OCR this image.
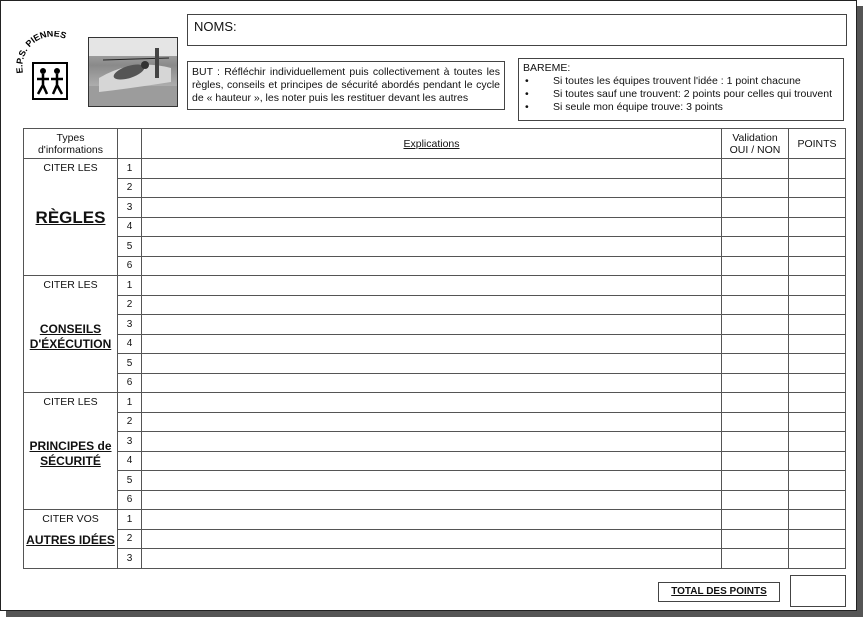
E.P.S. PIENNES
NOMS:
BUT : Réfléchir individuellement puis collectivement à toutes les règles, conseils et principes de sécurité abordés pendant le cycle de « hauteur », les noter puis les restituer devant les autres
BAREME:
• Si toutes les équipes trouvent l'idée : 1 point chacune
• Si toutes sauf une trouvent: 2 points pour celles qui trouvent
• Si seule mon équipe trouve: 3 points
Types d'informations		Explications	Validation OUI / NON	POINTS

CITER LES
RÈGLES	1			
	2			
	3			
	4			
	5			
	6			

CITER LES
CONSEILS D'ÉXÉCUTION	1			
	2			
	3			
	4			
	5			
	6			

CITER LES
PRINCIPES de SÉCURITÉ	1			
	2			
	3			
	4			
	5			
	6			

CITER VOS
AUTRES IDÉES	1			
	2			
	3			
TOTAL DES POINTS
